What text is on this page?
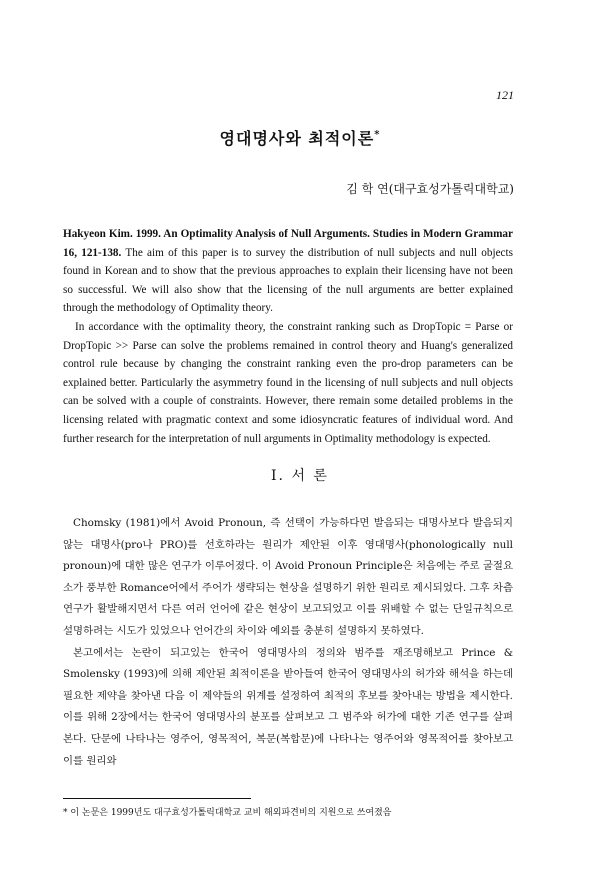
121
영대명사와 최적이론*
김 학 연(대구효성가톨릭대학교)

Hakyeon Kim. 1999. An Optimality Analysis of Null Arguments. Studies in Modern Grammar 16, 121-138. The aim of this paper is to survey the distribution of null subjects and null objects found in Korean and to show that the previous approaches to explain their licensing have not been so successful. We will also show that the licensing of the null arguments are better explained through the methodology of Optimality theory.

In accordance with the optimality theory, the constraint ranking such as DropTopic = Parse or DropTopic >> Parse can solve the problems remained in control theory and Huang's generalized control rule because by changing the constraint ranking even the pro-drop parameters can be explained better. Particularly the asymmetry found in the licensing of null subjects and null objects can be solved with a couple of constraints. However, there remain some detailed problems in the licensing related with pragmatic context and some idiosyncratic features of individual word. And further research for the interpretation of null arguments in Optimality methodology is expected.

I. 서 론

Chomsky (1981)에서 Avoid Pronoun, 즉 선택이 가능하다면 발음되는 대명사보다 발음되지 않는 대명사(pro나 PRO)를 선호하라는 원리가 제안된 이후 영대명사(phonologically null pronoun)에 대한 많은 연구가 이루어졌다. 이 Avoid Pronoun Principle은 처음에는 주로 굴절요소가 풍부한 Romance어에서 주어가 생략되는 현상을 설명하기 위한 원리로 제시되었다. 그후 차츰 연구가 활발해지면서 다른 여러 언어에 같은 현상이 보고되었고 이를 위배할 수 없는 단일규칙으로 설명하려는 시도가 있었으나 언어간의 차이와 예외를 충분히 설명하지 못하였다.

본고에서는 논란이 되고있는 한국어 영대명사의 정의와 범주를 재조명해보고 Prince & Smolensky (1993)에 의해 제안된 최적이론을 받아들여 한국어 영대명사의 허가와 해석을 하는데 필요한 제약을 찾아낸 다음 이 제약들의 위계를 설정하여 최적의 후보를 찾아내는 방법을 제시한다. 이를 위해 2장에서는 한국어 영대명사의 분포를 살펴보고 그 범주와 허가에 대한 기존 연구를 살펴본다. 단문에 나타나는 영주어, 영목적어, 복문(복합문)에 나타나는 영주어와 영목적어를 찾아보고 이를 원리와

* 이 논문은 1999년도 대구효성가톨릭대학교 교비 해외파견비의 지원으로 쓰여졌음
